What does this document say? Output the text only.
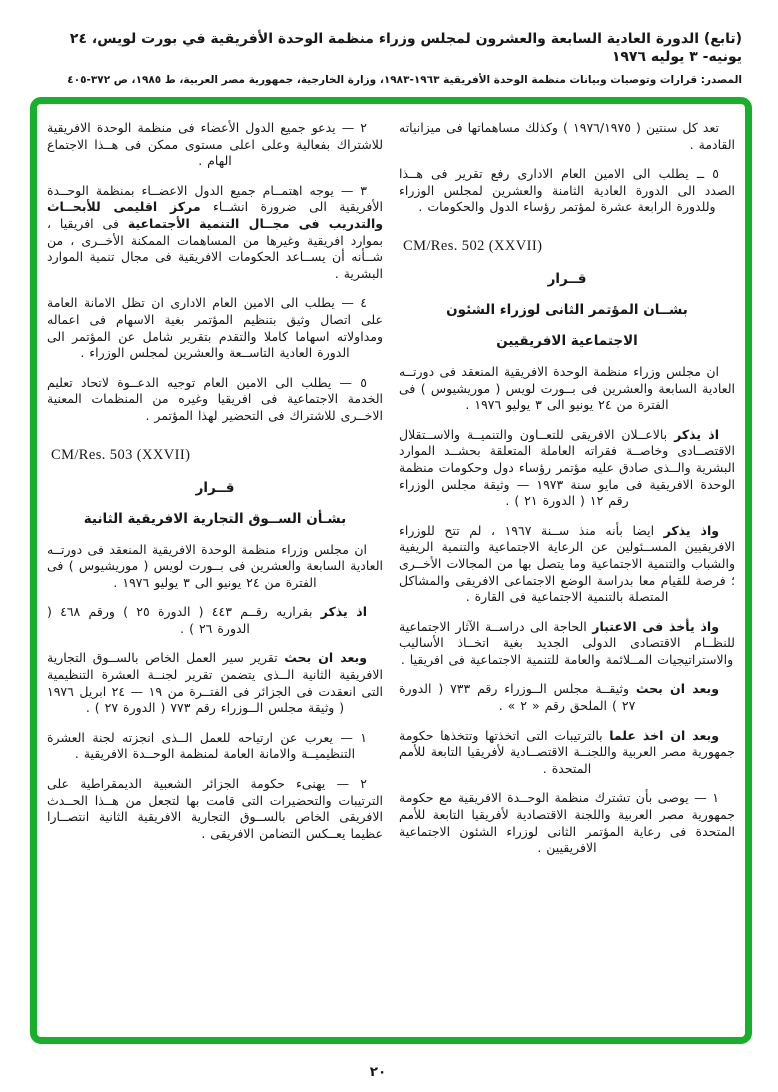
(تابع) الدورة العادية السابعة والعشرون لمجلس وزراء منظمة الوحدة الأفريقية في بورت لويس، ٢٤ يونيه- ٣ يوليه ١٩٧٦
المصدر: قرارات وتوصيات وبيانات منظمة الوحدة الأفريقية ١٩٦٣-١٩٨٣، وزارة الخارجية، جمهورية مصر العربية، ط ١٩٨٥، ص ٣٧٢-٤٠٥

تعد كل سنتين ( ١٩٧٦/١٩٧٥ ) وكذلك مساهماتها فى ميزانياته القادمة .

٥ ــ يطلب الى الامين العام الادارى رفع تقرير فى هــذا الصدد الى الدورة العادية الثامنة والعشرين لمجلس الوزراء وللدورة الرابعة عشرة لمؤتمر رؤساء الدول والحكومات .

CM/Res. 502 (XXVII)
قــرار
بشــان المؤتمر الثانى لوزراء الشئون
الاجتماعية الافريقيين

ان مجلس وزراء منظمة الوحدة الافريقية المنعقد فى دورتــه العادية السابعة والعشرين فى بــورت لويس ( موريشيوس ) فى الفترة من ٢٤ يونيو الى ٣ يوليو ١٩٧٦ .

اذ يذكر بالاعــلان الافريقى للتعــاون والتنميــة والاســتقلال الاقتصــادى وخاصــة فقراته العاملة المتعلقة بحشــد الموارد البشرية والــذى صادق عليه مؤتمر رؤساء دول وحكومات منظمة الوحدة الافريقية فى مايو سنة ١٩٧٣ — وثيقة مجلس الوزراء رقم ١٢ ( الدورة ٢١ ) .

واذ يذكر ايضا بأنه منذ ســنة ١٩٦٧ ، لم تتح للوزراء الافريقيين المســئولين عن الرعاية الاجتماعية والتنمية الريفية والشباب والتنمية الاجتماعية وما يتصل بها من المجالات الأخــرى ؛ فرصة للقيام معا بدراسة الوضع الاجتماعى الافريقى والمشاكل المتصلة بالتنمية الاجتماعية فى القارة .

واذ يأخذ فى الاعتبار الحاجة الى دراســة الآثار الاجتماعية للنظــام الاقتصادى الدولى الجديد بغية اتخــاذ الأساليب والاستراتيجيات المــلائمة والعامة للتنمية الاجتماعية فى افريقيا .

وبعد ان بحث وثيقــة مجلس الــوزراء رقم ٧٣٣ ( الدورة ٢٧ ) الملحق رقم « ٢ » .

وبعد ان اخذ علما بالترتيبات التى اتخذتها وتتخذها حكومة جمهورية مصر العربية واللجنــة الاقتصــادية لأفريقيا التابعة للأمم المتحدة .

١ — يوصى بأن تشترك منظمة الوحــدة الافريقية مع حكومة جمهورية مصر العربية واللجنة الاقتصادية لأفريقيا التابعة للأمم المتحدة فى رعاية المؤتمر الثانى لوزراء الشئون الاجتماعية الافريقيين .

٢ — يدعو جميع الدول الأعضاء فى منظمة الوحدة الافريقية للاشتراك بفعالية وعلى اعلى مستوى ممكن فى هــذا الاجتماع الهام .

٣ — يوجه اهتمــام جميع الدول الاعضــاء بمنظمة الوحــدة الأفريقية الى ضرورة انشــاء مركز اقليمى للأبحــاث والتدريب فى مجــال التنمية الأجتماعية فى افريقيا ، بموارد افريقية وغيرها من المساهمات الممكنة الأخــرى ، من شــأنه أن يســاعد الحكومات الافريقية فى مجال تنمية الموارد البشرية .

٤ — يطلب الى الامين العام الادارى ان تظل الامانة العامة على اتصال وثيق بتنظيم المؤتمر بغية الاسهام فى اعماله ومداولاته اسهاما كاملا والتقدم بتقرير شامل عن المؤتمر الى الدورة العادية التاســعة والعشرين لمجلس الوزراء .

٥ — يطلب الى الامين العام توجيه الدعــوة لاتحاد تعليم الخدمة الاجتماعية فى افريقيا وغيره من المنظمات المعنية الاخــرى للاشتراك فى التحضير لهذا المؤتمر .

CM/Res. 503 (XXVII)
قــرار
بشـأن الســوق التجارية الافريقية الثانية

ان مجلس وزراء منظمة الوحدة الافريقية المنعقد فى دورتــه العادية السابعة والعشرين فى بــورت لويس ( موريشيوس ) فى الفترة من ٢٤ يونيو الى ٣ يوليو ١٩٧٦ .

اذ يذكر بقراريه رقــم ٤٤٣ ( الدورة ٢٥ ) ورقم ٤٦٨ ( الدورة ٢٦ ) .

وبعد ان بحث تقرير سير العمل الخاص بالســوق التجارية الافريقية الثانية الــذى يتضمن تقرير لجنــة العشرة التنظيمية التى انعقدت فى الجزائر فى الفتــرة من ١٩ — ٢٤ ابريل ١٩٧٦ ( وثيقة مجلس الــوزراء رقم ٧٧٣ ( الدورة ٢٧ ) .

١ — يعرب عن ارتياحه للعمل الــذى انجزته لجنة العشرة التنظيميــة والامانة العامة لمنظمة الوحــدة الافريقية .

٢ — يهنىء حكومة الجزائر الشعبية الديمقراطية على الترتيبات والتحضيرات التى قامت بها لتجعل من هــذا الحــدث الافريقى الخاص بالســوق التجارية الافريقية الثانية انتصــارا عظيما يعــكس التضامن الافريقى .

٢٠
